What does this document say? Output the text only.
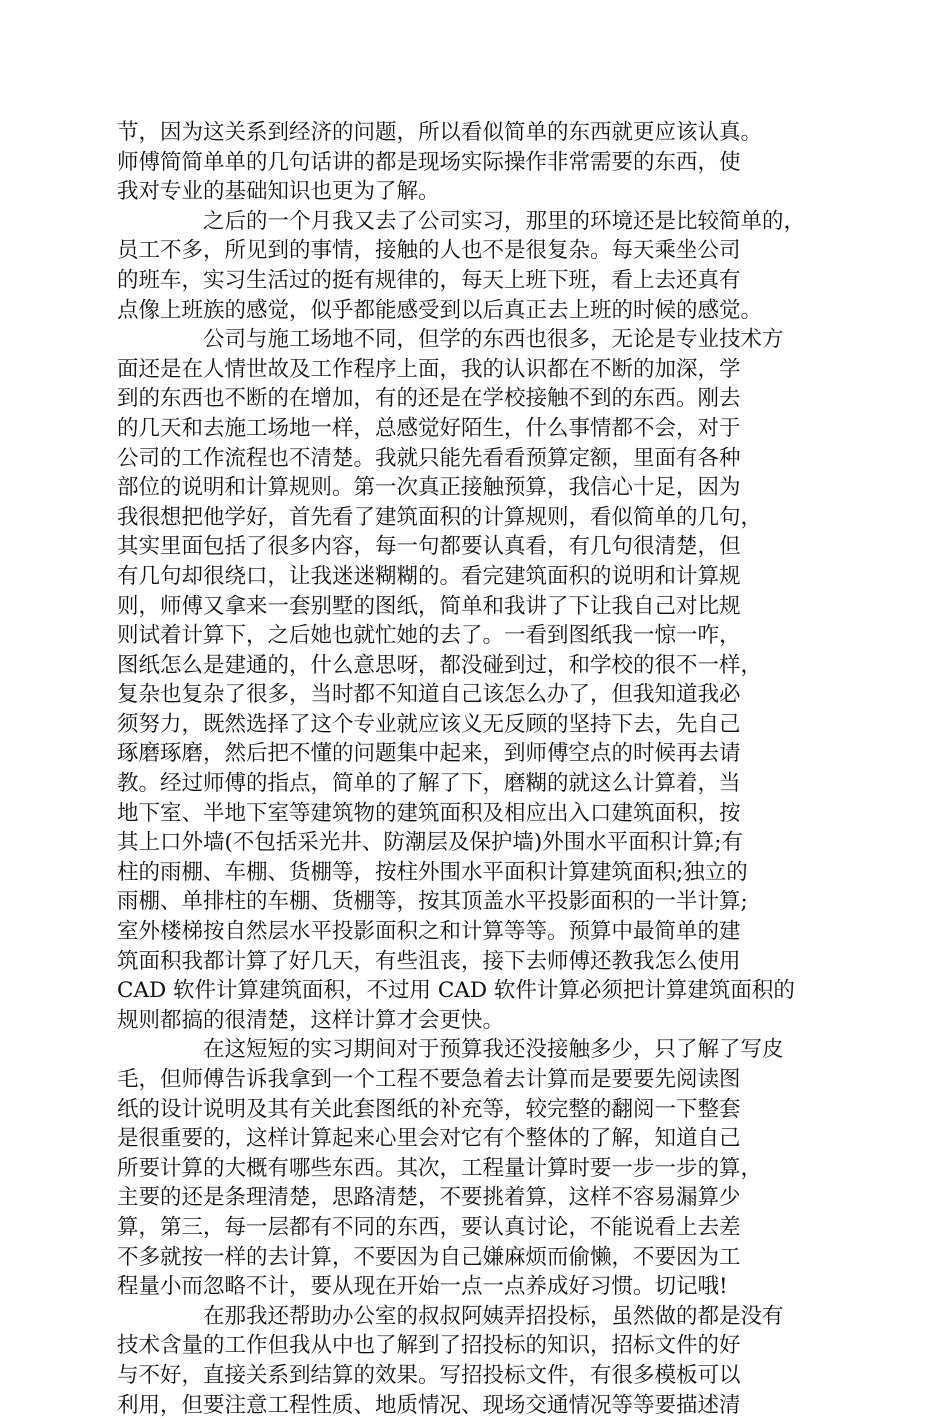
节，因为这关系到经济的问题，所以看似简单的东西就更应该认真。
师傅简简单单的几句话讲的都是现场实际操作非常需要的东西，使
我对专业的基础知识也更为了解。
之后的一个月我又去了公司实习，那里的环境还是比较简单的，
员工不多，所见到的事情，接触的人也不是很复杂。每天乘坐公司
的班车，实习生活过的挺有规律的，每天上班下班，看上去还真有
点像上班族的感觉，似乎都能感受到以后真正去上班的时候的感觉。
公司与施工场地不同，但学的东西也很多，无论是专业技术方
面还是在人情世故及工作程序上面，我的认识都在不断的加深，学
到的东西也不断的在增加，有的还是在学校接触不到的东西。刚去
的几天和去施工场地一样，总感觉好陌生，什么事情都不会，对于
公司的工作流程也不清楚。我就只能先看看预算定额，里面有各种
部位的说明和计算规则。第一次真正接触预算，我信心十足，因为
我很想把他学好，首先看了建筑面积的计算规则，看似简单的几句，
其实里面包括了很多内容，每一句都要认真看，有几句很清楚，但
有几句却很绕口，让我迷迷糊糊的。看完建筑面积的说明和计算规
则，师傅又拿来一套别墅的图纸，简单和我讲了下让我自己对比规
则试着计算下，之后她也就忙她的去了。一看到图纸我一惊一咋，
图纸怎么是建通的，什么意思呀，都没碰到过，和学校的很不一样，
复杂也复杂了很多，当时都不知道自己该怎么办了，但我知道我必
须努力，既然选择了这个专业就应该义无反顾的坚持下去，先自己
琢磨琢磨，然后把不懂的问题集中起来，到师傅空点的时候再去请
教。经过师傅的指点，简单的了解了下，磨糊的就这么计算着，当
地下室、半地下室等建筑物的建筑面积及相应出入口建筑面积，按
其上口外墙(不包括采光井、防潮层及保护墙)外围水平面积计算;有
柱的雨棚、车棚、货棚等，按柱外围水平面积计算建筑面积;独立的
雨棚、单排柱的车棚、货棚等，按其顶盖水平投影面积的一半计算;
室外楼梯按自然层水平投影面积之和计算等等。预算中最简单的建
筑面积我都计算了好几天，有些沮丧，接下去师傅还教我怎么使用
CAD 软件计算建筑面积，不过用 CAD 软件计算必须把计算建筑面积的
规则都搞的很清楚，这样计算才会更快。
在这短短的实习期间对于预算我还没接触多少，只了解了写皮
毛，但师傅告诉我拿到一个工程不要急着去计算而是要要先阅读图
纸的设计说明及其有关此套图纸的补充等，较完整的翻阅一下整套
是很重要的，这样计算起来心里会对它有个整体的了解，知道自己
所要计算的大概有哪些东西。其次，工程量计算时要一步一步的算，
主要的还是条理清楚，思路清楚，不要挑着算，这样不容易漏算少
算，第三，每一层都有不同的东西，要认真讨论，不能说看上去差
不多就按一样的去计算，不要因为自己嫌麻烦而偷懒，不要因为工
程量小而忽略不计，要从现在开始一点一点养成好习惯。切记哦!
在那我还帮助办公室的叔叔阿姨弄招投标，虽然做的都是没有
技术含量的工作但我从中也了解到了招投标的知识，招标文件的好
与不好，直接关系到结算的效果。写招投标文件，有很多模板可以
利用，但要注意工程性质、地质情况、现场交通情况等等要描述清
